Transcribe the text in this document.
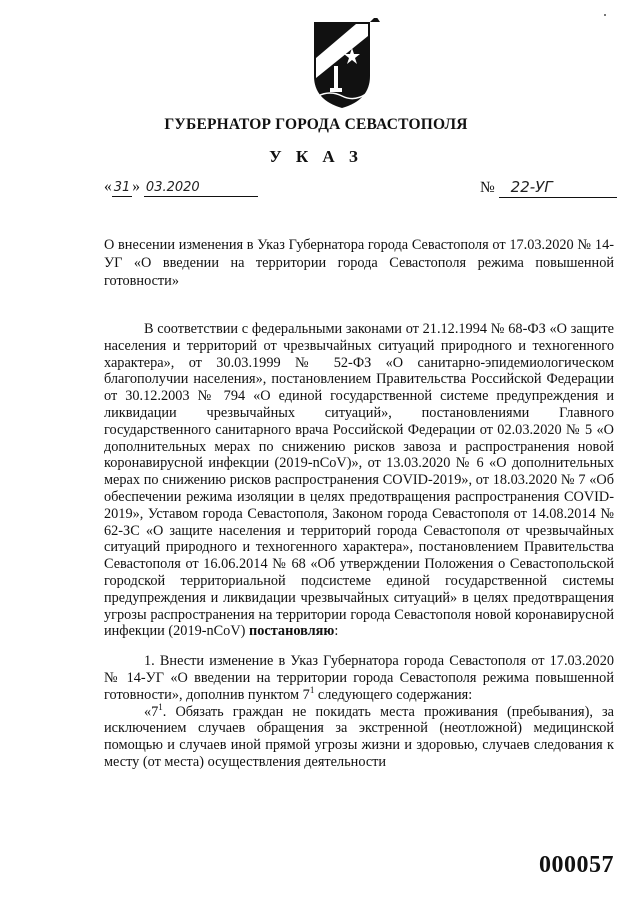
ГУБЕРНАТОР ГОРОДА СЕВАСТОПОЛЯ
У К А З
« 31 » 03.2020	№ 22-УГ
О внесении изменения в Указ Губернатора города Севастополя от 17.03.2020 № 14-УГ «О введении на территории города Севастополя режима повышенной готовности»

В соответствии с федеральными законами от 21.12.1994 № 68-ФЗ «О защите населения и территорий от чрезвычайных ситуаций природного и техногенного характера», от 30.03.1999 № 52-ФЗ «О санитарно-эпидемиологическом благополучии населения», постановлением Правительства Российской Федерации от 30.12.2003 № 794 «О единой государственной системе предупреждения и ликвидации чрезвычайных ситуаций», постановлениями Главного государственного санитарного врача Российской Федерации от 02.03.2020 № 5 «О дополнительных мерах по снижению рисков завоза и распространения новой коронавирусной инфекции (2019-nCoV)», от 13.03.2020 № 6 «О дополнительных мерах по снижению рисков распространения COVID-2019», от 18.03.2020 № 7 «Об обеспечении режима изоляции в целях предотвращения распространения COVID-2019», Уставом города Севастополя, Законом города Севастополя от 14.08.2014 № 62-ЗС «О защите населения и территорий города Севастополя от чрезвычайных ситуаций природного и техногенного характера», постановлением Правительства Севастополя от 16.06.2014 № 68 «Об утверждении Положения о Севастопольской городской территориальной подсистеме единой государственной системы предупреждения и ликвидации чрезвычайных ситуаций» в целях предотвращения угрозы распространения на территории города Севастополя новой коронавирусной инфекции (2019-nCoV) постановляю:

1. Внести изменение в Указ Губернатора города Севастополя от 17.03.2020 № 14-УГ «О введении на территории города Севастополя режима повышенной готовности», дополнив пунктом $7^1$ следующего содержания:

«$7^1$. Обязать граждан не покидать места проживания (пребывания), за исключением случаев обращения за экстренной (неотложной) медицинской помощью и случаев иной прямой угрозы жизни и здоровью, случаев следования к месту (от места) осуществления деятельности

000057
